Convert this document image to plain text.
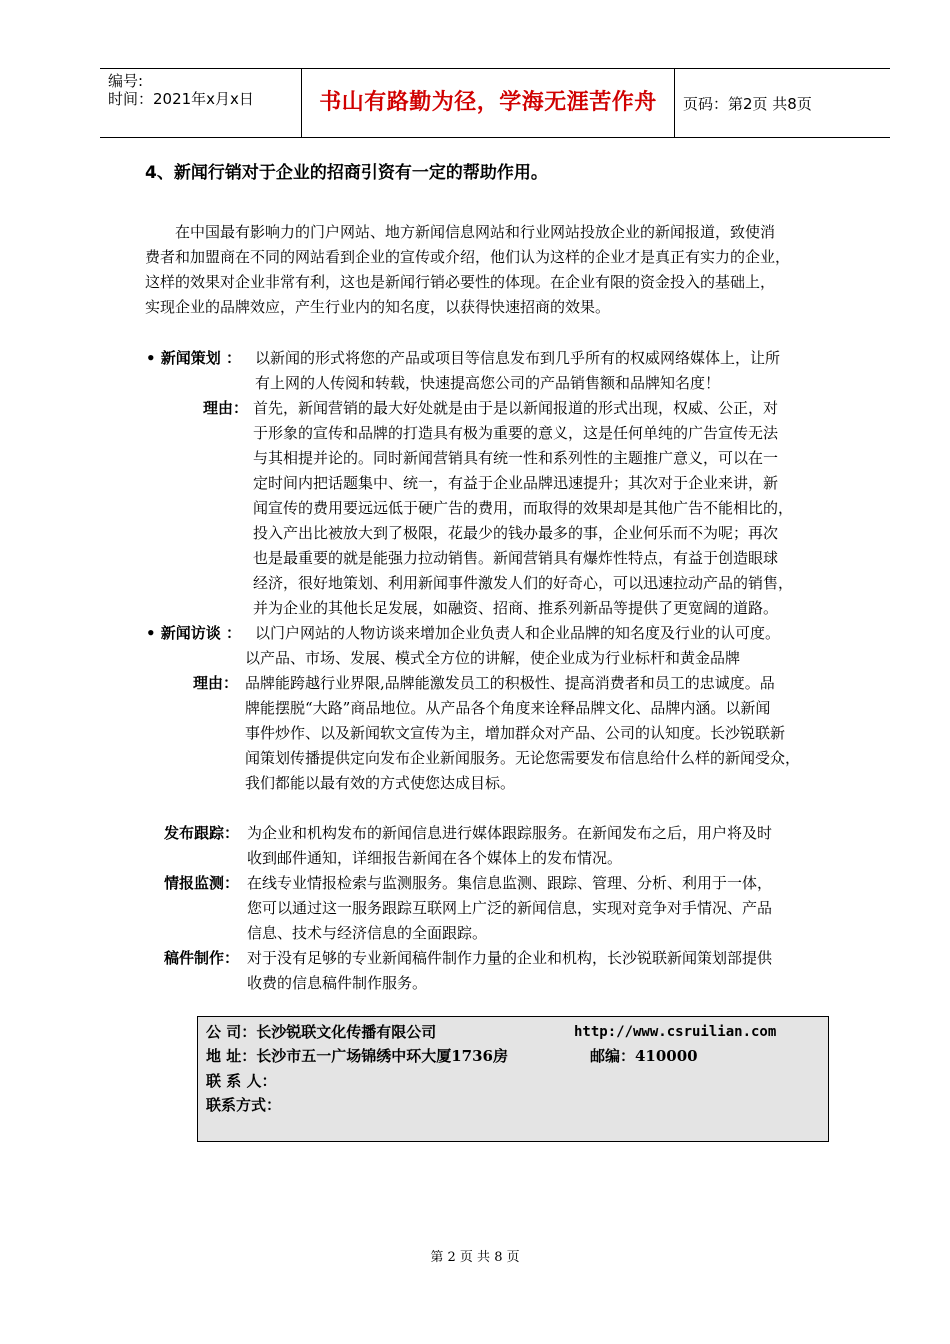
编号:
时间：2021年x月x日	书山有路勤为径，学海无涯苦作舟	页码：第2页 共8页
4、新闻行销对于企业的招商引资有一定的帮助作用。
在中国最有影响力的门户网站、地方新闻信息网站和行业网站投放企业的新闻报道，致使消
费者和加盟商在不同的网站看到企业的宣传或介绍，他们认为这样的企业才是真正有实力的企业，
这样的效果对企业非常有利，这也是新闻行销必要性的体现。在企业有限的资金投入的基础上，
实现企业的品牌效应，产生行业内的知名度，以获得快速招商的效果。
• 新闻策划 ： 以新闻的形式将您的产品或项目等信息发布到几乎所有的权威网络媒体上，让所
有上网的人传阅和转载，快速提高您公司的产品销售额和品牌知名度！
理由： 首先，新闻营销的最大好处就是由于是以新闻报道的形式出现，权威、公正，对
于形象的宣传和品牌的打造具有极为重要的意义，这是任何单纯的广告宣传无法
与其相提并论的。同时新闻营销具有统一性和系列性的主题推广意义，可以在一
定时间内把话题集中、统一，有益于企业品牌迅速提升；其次对于企业来讲，新
闻宣传的费用要远远低于硬广告的费用，而取得的效果却是其他广告不能相比的，
投入产出比被放大到了极限，花最少的钱办最多的事，企业何乐而不为呢；再次
也是最重要的就是能强力拉动销售。新闻营销具有爆炸性特点，有益于创造眼球
经济，很好地策划、利用新闻事件激发人们的好奇心，可以迅速拉动产品的销售，
并为企业的其他长足发展，如融资、招商、推系列新品等提供了更宽阔的道路。
• 新闻访谈 ： 以门户网站的人物访谈来增加企业负责人和企业品牌的知名度及行业的认可度。
以产品、市场、发展、模式全方位的讲解，使企业成为行业标杆和黄金品牌
理由： 品牌能跨越行业界限,品牌能激发员工的积极性、提高消费者和员工的忠诚度。品
牌能摆脱“大路”商品地位。从产品各个角度来诠释品牌文化、品牌内涵。以新闻
事件炒作、以及新闻软文宣传为主，增加群众对产品、公司的认知度。长沙锐联新
闻策划传播提供定向发布企业新闻服务。无论您需要发布信息给什么样的新闻受众，
我们都能以最有效的方式使您达成目标。
发布跟踪： 为企业和机构发布的新闻信息进行媒体跟踪服务。在新闻发布之后，用户将及时
收到邮件通知，详细报告新闻在各个媒体上的发布情况。
情报监测： 在线专业情报检索与监测服务。集信息监测、跟踪、管理、分析、利用于一体，
您可以通过这一服务跟踪互联网上广泛的新闻信息，实现对竞争对手情况、产品
信息、技术与经济信息的全面跟踪。
稿件制作： 对于没有足够的专业新闻稿件制作力量的企业和机构，长沙锐联新闻策划部提供
收费的信息稿件制作服务。
公 司：长沙锐联文化传播有限公司	http://www.csruilian.com
地 址：长沙市五一广场锦绣中环大厦1736房	邮编：410000
联 系 人：
联系方式：
第 2 页 共 8 页
